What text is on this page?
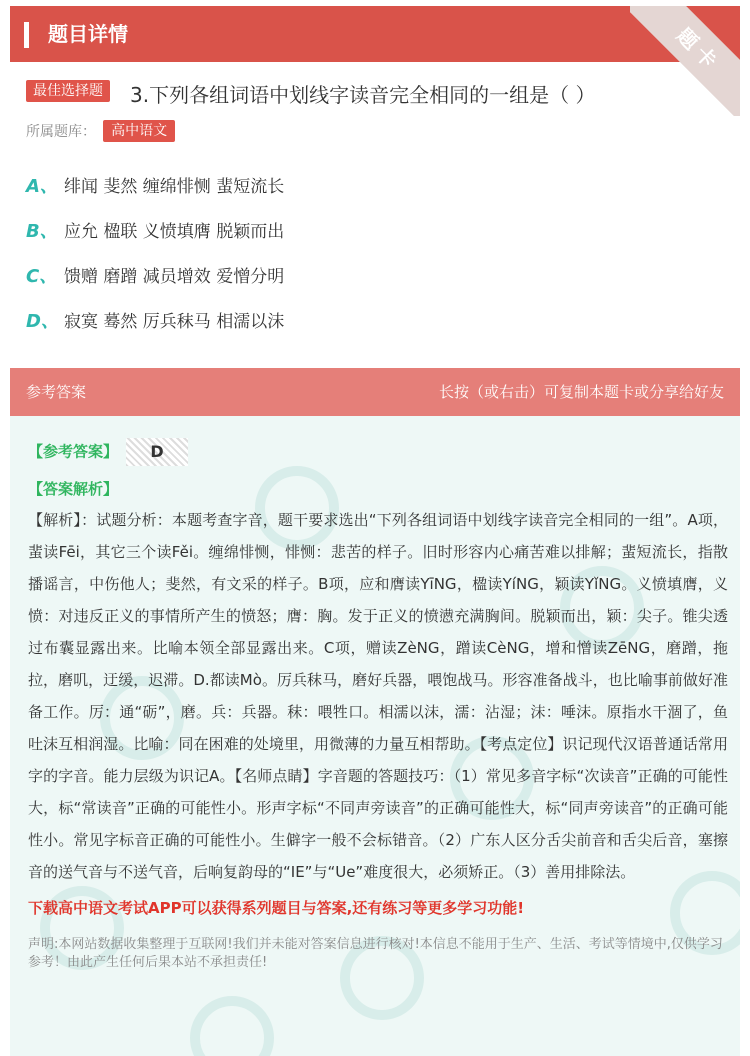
题目详情	题卡
最佳选择题 3.下列各组词语中划线字读音完全相同的一组是（ ）
所属题库： 高中语文
A、 绯闻 斐然 缠绵悱恻 蜚短流长
B、 应允 楹联 义愤填膺 脱颖而出
C、 馈赠 磨蹭 减员增效 爱憎分明
D、 寂寞 蓦然 厉兵秣马 相濡以沫
参考答案	长按（或右击）可复制本题卡或分享给好友
【参考答案】 D
【答案解析】
【解析】：试题分析：本题考查字音，题干要求选出“下列各组词语中划线字读音完全相同的一组”。A项，蜚读Fēi，其它三个读Fěi。缠绵悱恻，悱恻：悲苦的样子。旧时形容内心痛苦难以排解；蜚短流长，指散播谣言，中伤他人；斐然，有文采的样子。B项，应和膺读YīNG，楹读YíNG，颖读YǐNG。义愤填膺，义愤：对违反正义的事情所产生的愤怒；膺：胸。发于正义的愤懑充满胸间。脱颖而出，颖：尖子。锥尖透过布囊显露出来。比喻本领全部显露出来。C项，赠读ZèNG，蹭读CèNG，增和憎读ZēNG，磨蹭，拖拉，磨叽，迂缓，迟滞。D.都读Mò。厉兵秣马，磨好兵器，喂饱战马。形容准备战斗，也比喻事前做好准备工作。厉：通“砺”，磨。兵：兵器。秣：喂牲口。相濡以沫，濡：沾湿；沫：唾沫。原指水干涸了，鱼吐沫互相润湿。比喻：同在困难的处境里，用微薄的力量互相帮助。【考点定位】识记现代汉语普通话常用字的字音。能力层级为识记A。【名师点睛】字音题的答题技巧：（1）常见多音字标“次读音”正确的可能性大，标“常读音”正确的可能性小。形声字标“不同声旁读音”的正确可能性大，标“同声旁读音”的正确可能性小。常见字标音正确的可能性小。生僻字一般不会标错音。（2）广东人区分舌尖前音和舌尖后音，塞擦音的送气音与不送气音，后响复韵母的“IE”与“Ue”难度很大，必须矫正。（3）善用排除法。
下载高中语文考试APP可以获得系列题目与答案,还有练习等更多学习功能!
声明:本网站数据收集整理于互联网!我们并未能对答案信息进行核对!本信息不能用于生产、生活、考试等情境中,仅供学习参考！由此产生任何后果本站不承担责任!
